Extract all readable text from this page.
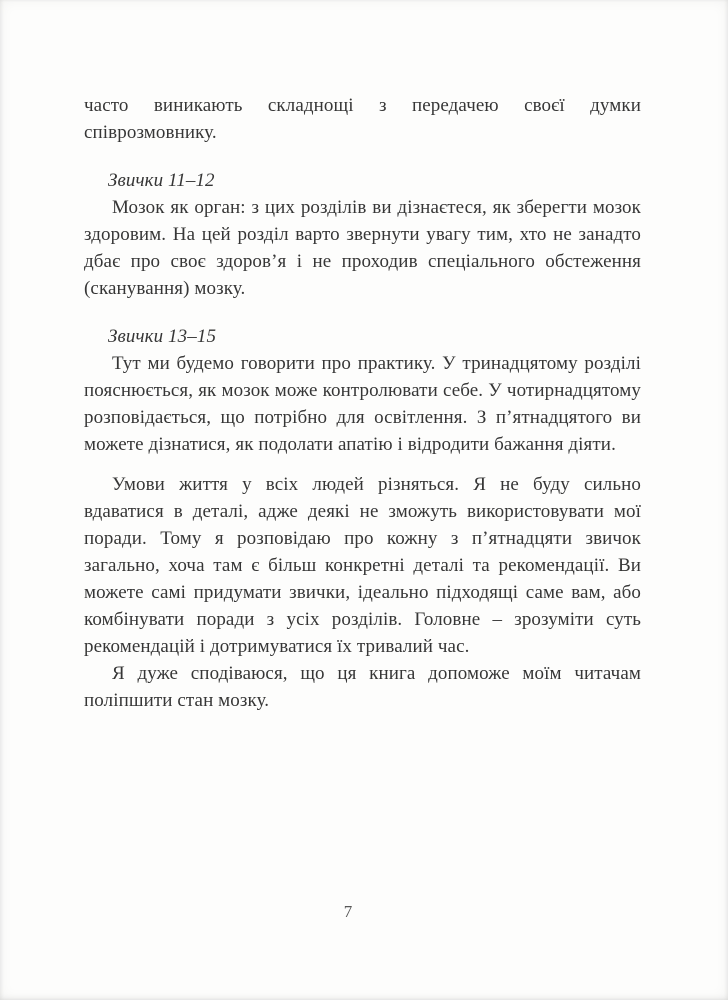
часто виникають складнощі з передачею своєї думки співрозмовнику.

Звички 11–12

Мозок як орган: з цих розділів ви дізнаєтеся, як зберегти мозок здоровим. На цей розділ варто звернути увагу тим, хто не занадто дбає про своє здоров’я і не проходив спеціального обстеження (сканування) мозку.

Звички 13–15

Тут ми будемо говорити про практику. У тринадцятому розділі пояснюється, як мозок може контролювати себе. У чотирнадцятому розповідається, що потрібно для освітлення. З п’ятнадцятого ви можете дізнатися, як подолати апатію і відродити бажання діяти.

Умови життя у всіх людей різняться. Я не буду сильно вдаватися в деталі, адже деякі не зможуть використовувати мої поради. Тому я розповідаю про кожну з п’ятнадцяти звичок загально, хоча там є більш конкретні деталі та рекомендації. Ви можете самі придумати звички, ідеально підходящі саме вам, або комбінувати поради з усіх розділів. Головне – зрозуміти суть рекомендацій і дотримуватися їх тривалий час.

Я дуже сподіваюся, що ця книга допоможе моїм читачам поліпшити стан мозку.

7
